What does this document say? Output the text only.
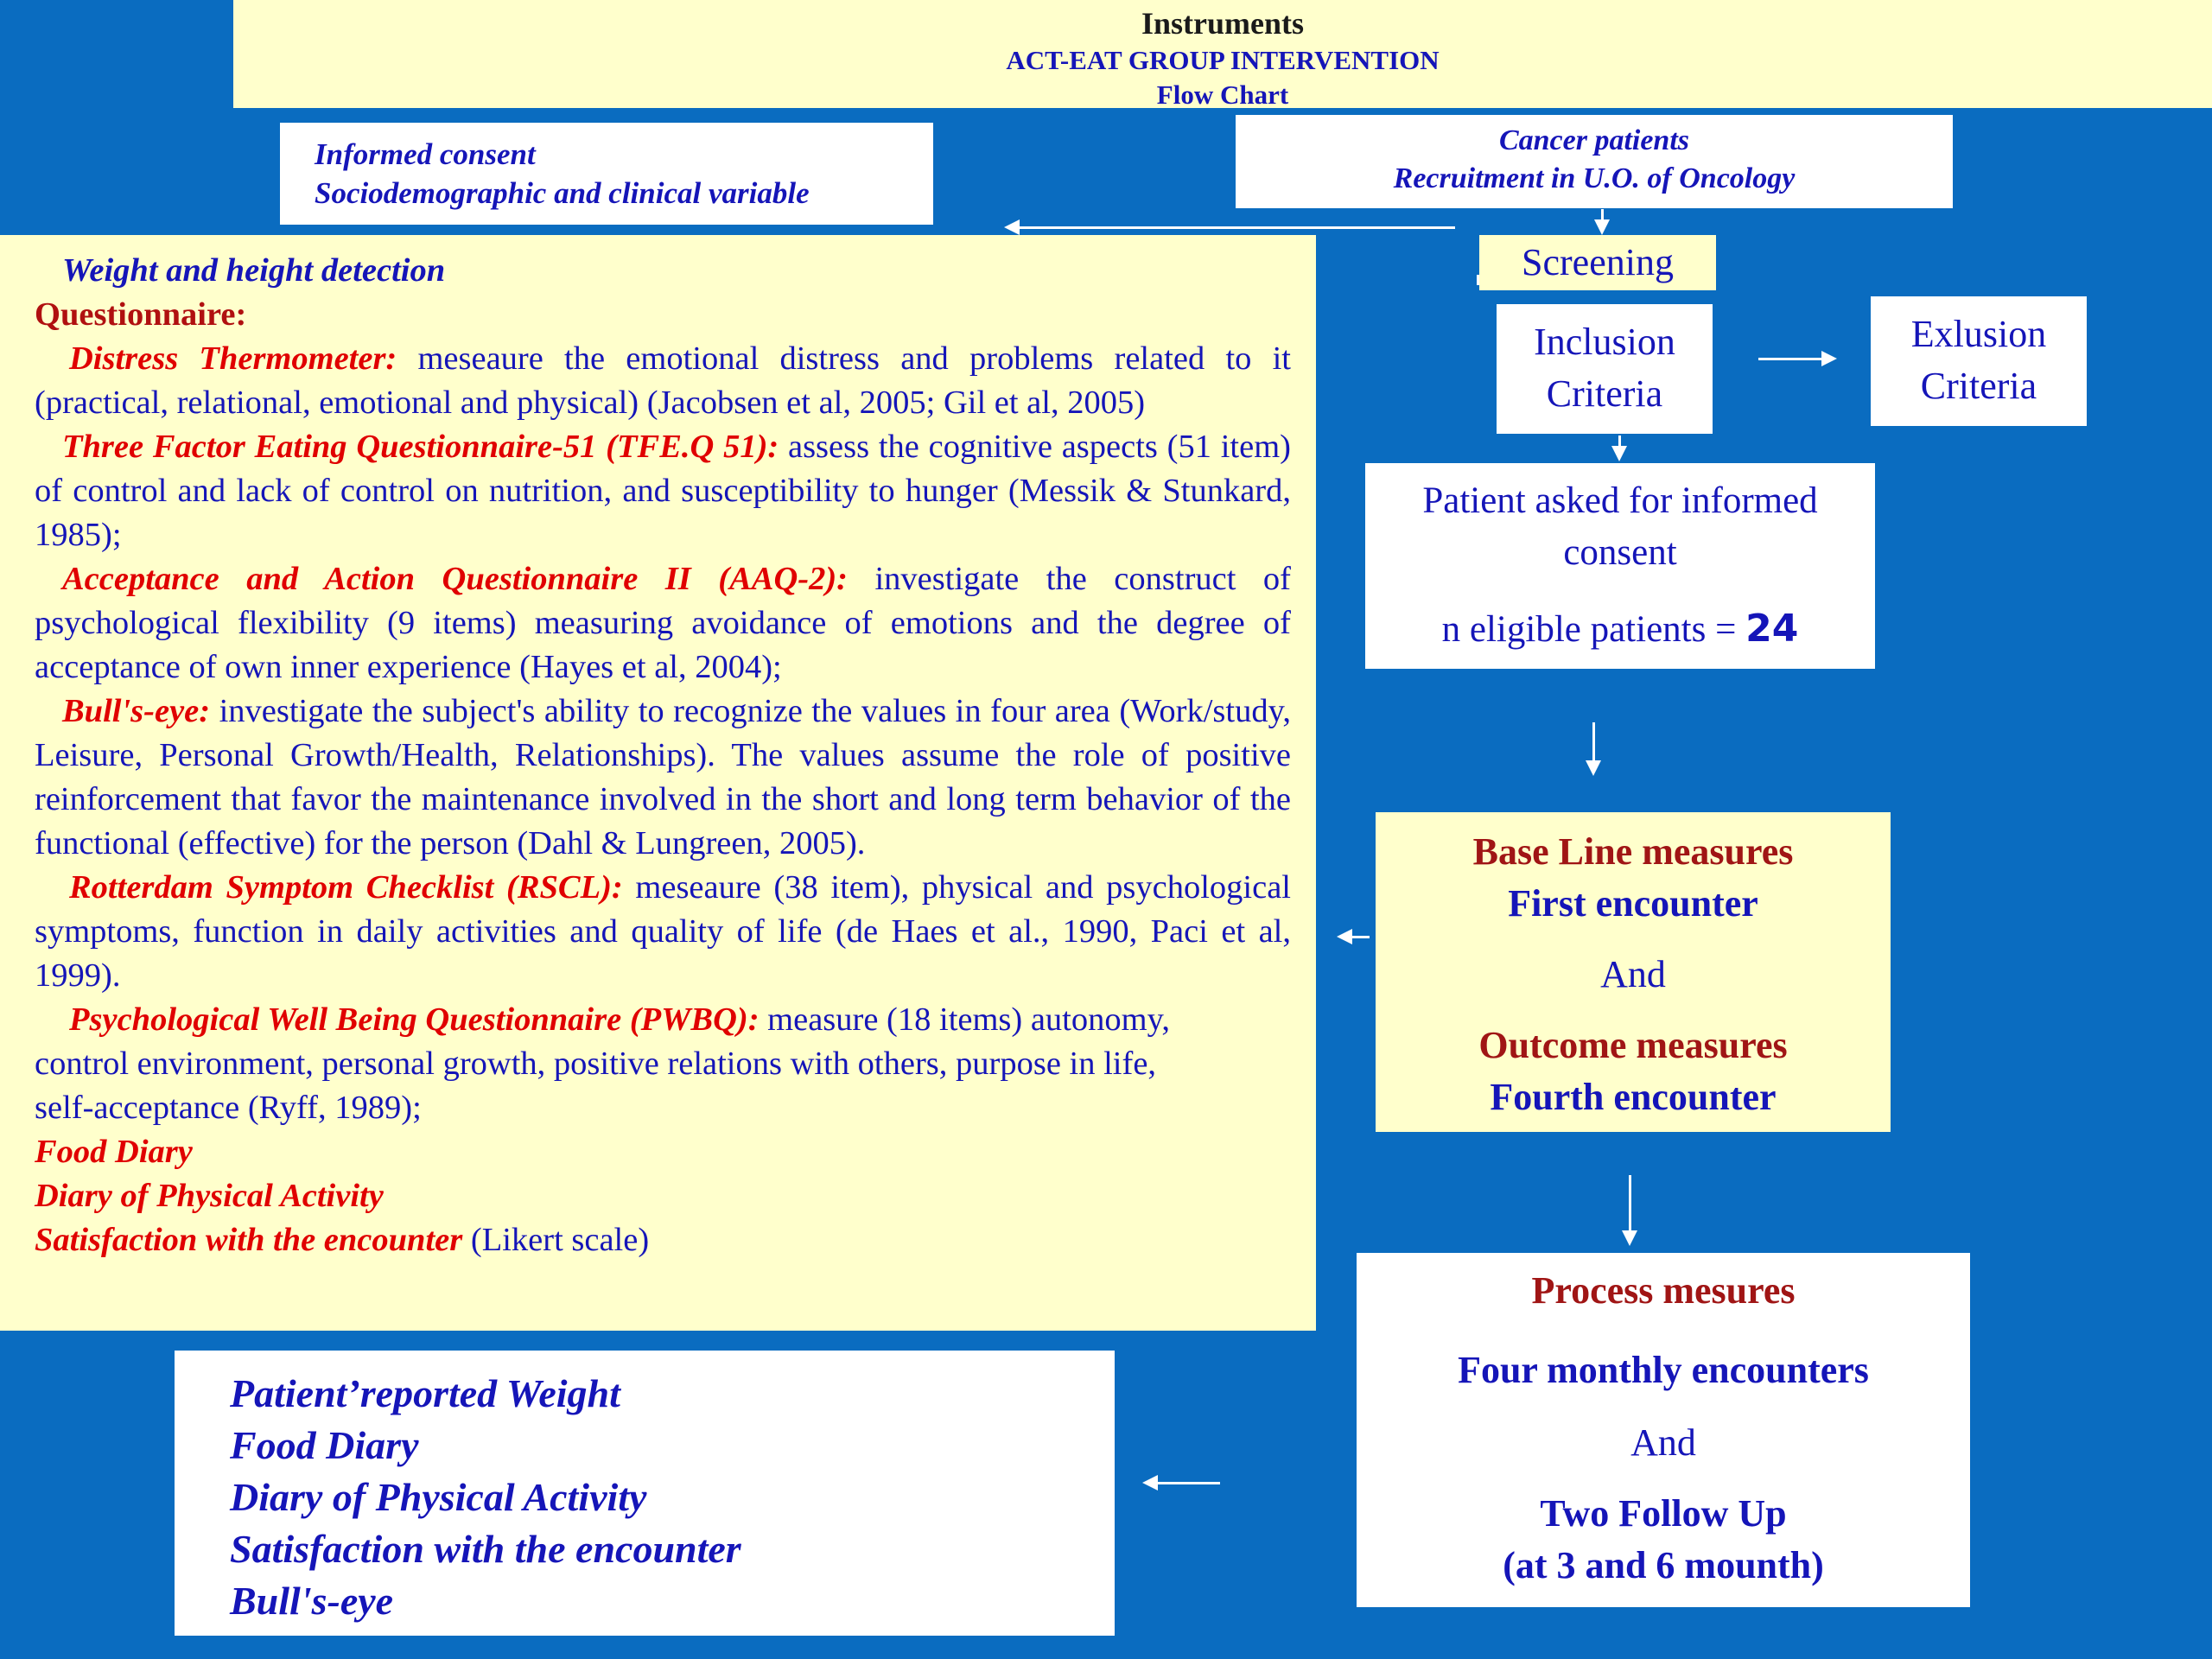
Instruments
ACT-EAT GROUP INTERVENTION
Flow Chart
Informed consent
Sociodemographic and clinical variable
Cancer patients
Recruitment in U.O. of Oncology

Weight and height detection

Questionnaire:

Distress Thermometer: meseaure the emotional distress and problems related to it (practical, relational, emotional and physical) (Jacobsen et al, 2005; Gil et al, 2005)

Three Factor Eating Questionnaire-51 (TFE.Q 51): assess the cognitive aspects (51 item) of control and lack of control on nutrition, and susceptibility to hunger (Messik & Stunkard, 1985);

Acceptance and Action Questionnaire II (AAQ-2): investigate the construct of psychological flexibility (9 items) measuring avoidance of emotions and the degree of acceptance of own inner experience (Hayes et al, 2004);

Bull's-eye: investigate the subject's ability to recognize the values in four area (Work/study, Leisure, Personal Growth/Health, Relationships). The values assume the role of positive reinforcement that favor the maintenance involved in the short and long term behavior of the functional (effective) for the person (Dahl & Lungreen, 2005).

Rotterdam Symptom Checklist (RSCL): meseaure (38 item), physical and psychological symptoms, function in daily activities and quality of life (de Haes et al., 1990, Paci et al, 1999).

Psychological Well Being Questionnaire (PWBQ): measure (18 items) autonomy, control environment, personal growth, positive relations with others, purpose in life, self-acceptance (Ryff, 1989);

Food Diary

Diary of Physical Activity

Satisfaction with the encounter (Likert scale)

Screening
Inclusion
Criteria
Exlusion
Criteria
Patient asked for informed
consent
n eligible patients = 24
Base Line measures
First encounter
And
Outcome measures
Fourth encounter
Process mesures
Four monthly encounters
And
Two Follow Up
(at 3 and 6 mounth)
Patient’reported Weight
Food Diary
Diary of Physical Activity
Satisfaction with the encounter
Bull's-eye
